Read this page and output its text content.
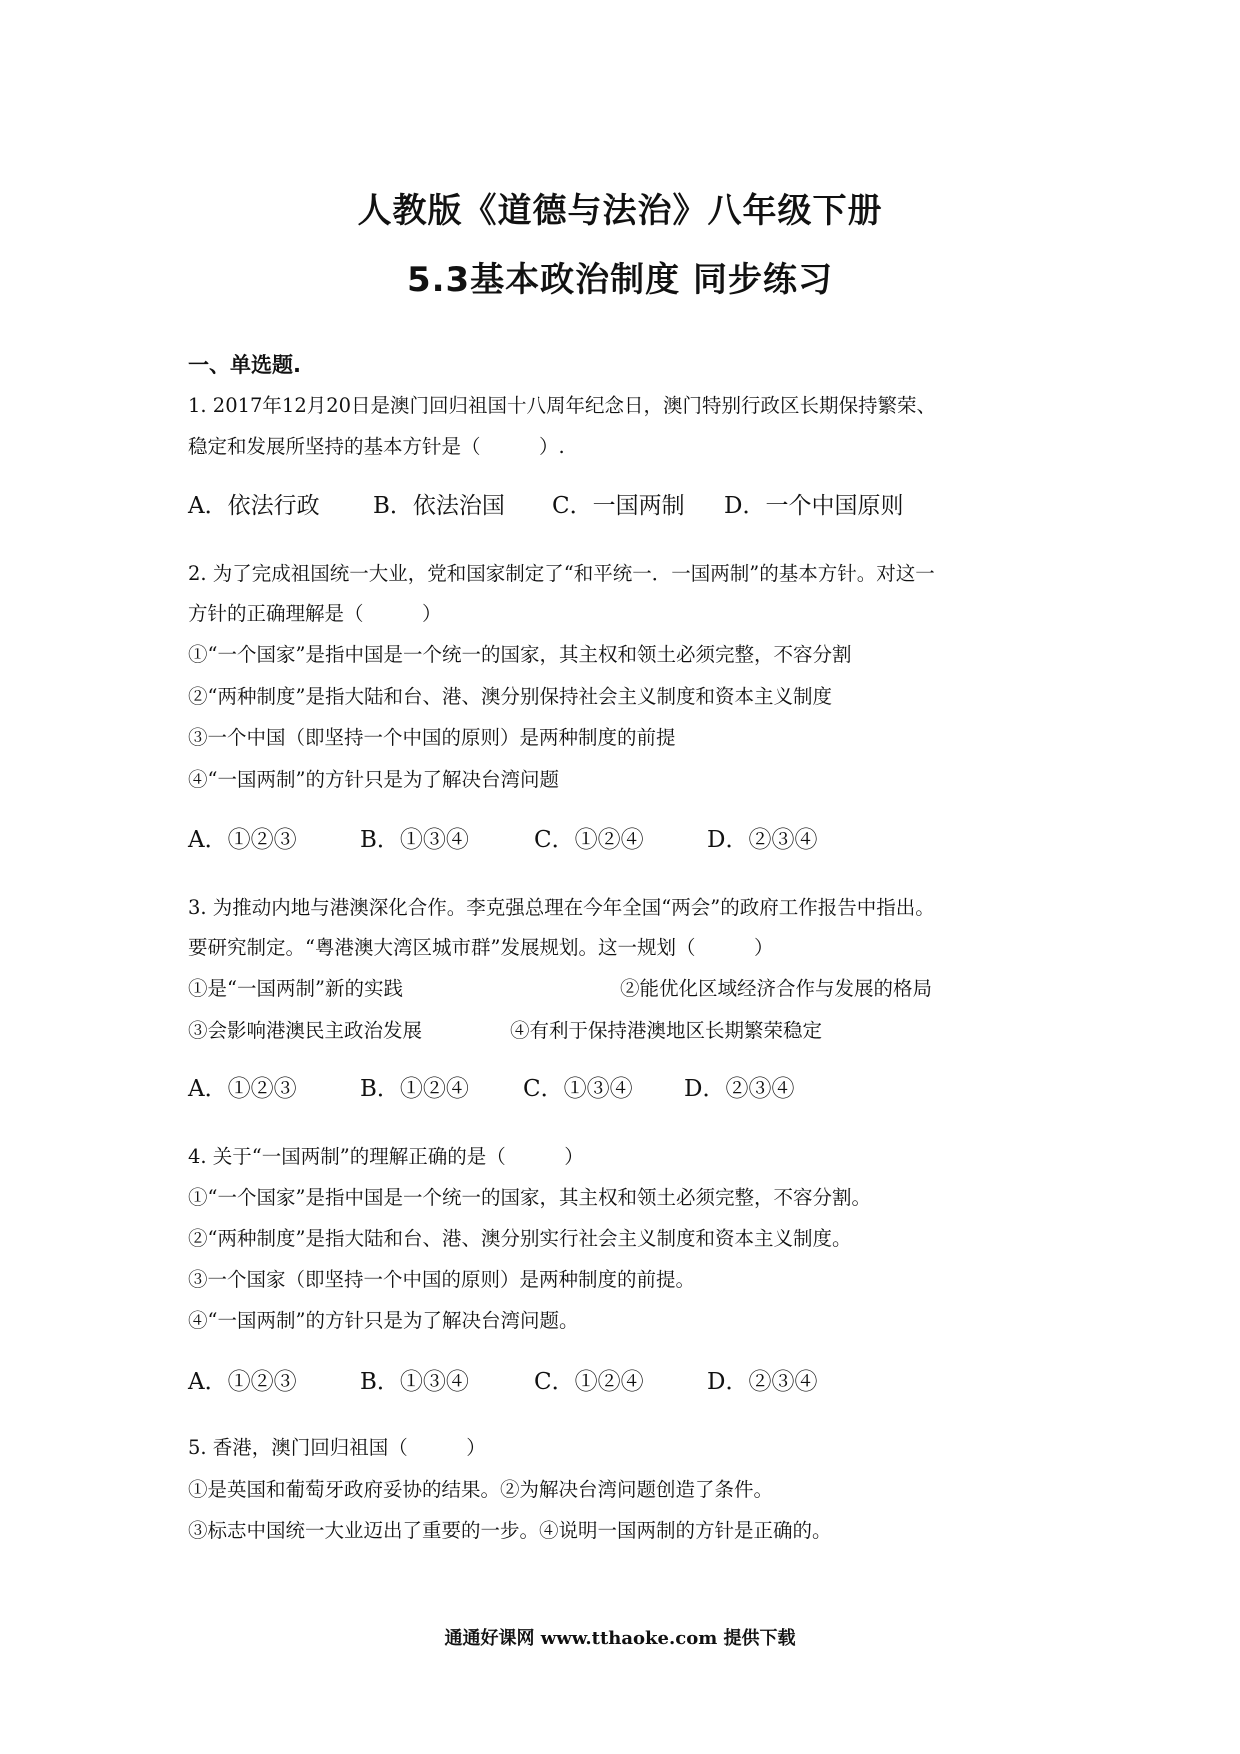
人教版《道德与法治》八年级下册
5.3基本政治制度 同步练习
一、单选题.
1. 2017年12月20日是澳门回归祖国十八周年纪念日，澳门特别行政区长期保持繁荣、
稳定和发展所坚持的基本方针是（　　　）.
A．依法行政 B．依法治国 C．一国两制 D．一个中国原则
2. 为了完成祖国统一大业，党和国家制定了“和平统一．一国两制”的基本方针。对这一
方针的正确理解是（　　　）
①“一个国家”是指中国是一个统一的国家，其主权和领土必须完整，不容分割
②“两种制度”是指大陆和台、港、澳分别保持社会主义制度和资本主义制度
③一个中国（即坚持一个中国的原则）是两种制度的前提
④“一国两制”的方针只是为了解决台湾问题
A．①②③	B．①③④	C．①②④	D．②③④
3. 为推动内地与港澳深化合作。李克强总理在今年全国“两会”的政府工作报告中指出。
要研究制定。“粤港澳大湾区城市群”发展规划。这一规划（　　　）
①是“一国两制”新的实践	②能优化区域经济合作与发展的格局
③会影响港澳民主政治发展	④有利于保持港澳地区长期繁荣稳定
A．①②③	B．①②④ C．①③④ D．②③④
4. 关于“一国两制”的理解正确的是（　　　）
①“一个国家”是指中国是一个统一的国家，其主权和领土必须完整，不容分割。
②“两种制度”是指大陆和台、港、澳分别实行社会主义制度和资本主义制度。
③一个国家（即坚持一个中国的原则）是两种制度的前提。
④“一国两制”的方针只是为了解决台湾问题。
A．①②③	B．①③④	C．①②④	D．②③④
5. 香港，澳门回归祖国（　　　）
①是英国和葡萄牙政府妥协的结果。②为解决台湾问题创造了条件。
③标志中国统一大业迈出了重要的一步。④说明一国两制的方针是正确的。
通通好课网 www.tthaoke.com 提供下载
